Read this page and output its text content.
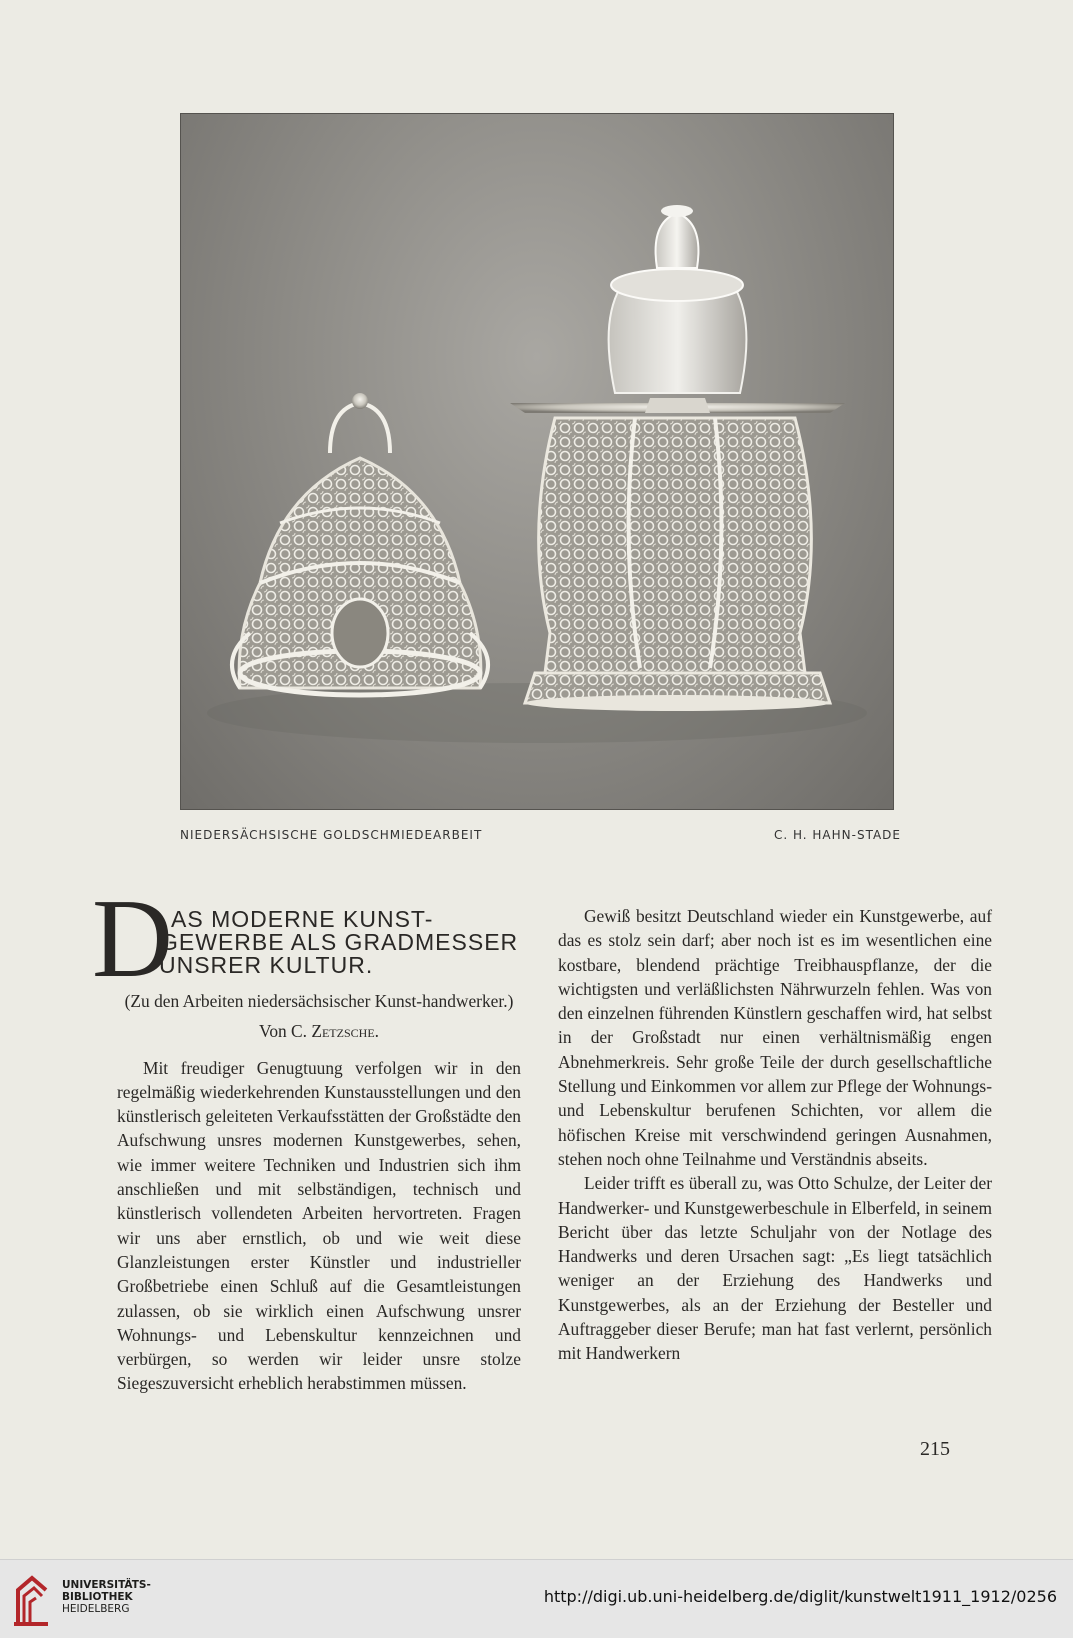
NIEDERSÄCHSISCHE GOLDSCHMIEDEARBEIT	C. H. HAHN-STADE
D
AS MODERNE KUNST-
GEWERBE ALS GRADMESSER
UNSRER KULTUR.

(Zu den Arbeiten niedersächsischer Kunst-handwerker.)

Von C. Zetzsche.

Mit freudiger Genugtuung verfolgen wir in den regelmäßig wiederkehrenden Kunstausstellungen und den künstlerisch geleiteten Verkaufsstätten der Großstädte den Aufschwung unsres modernen Kunstgewerbes, sehen, wie immer weitere Techniken und Industrien sich ihm anschließen und mit selbständigen, technisch und künstlerisch vollendeten Arbeiten hervortreten. Fragen wir uns aber ernstlich, ob und wie weit diese Glanzleistungen erster Künstler und industrieller Großbetriebe einen Schluß auf die Gesamtleistungen zulassen, ob sie wirklich einen Aufschwung unsrer Wohnungs- und Lebenskultur kennzeichnen und verbürgen, so werden wir leider unsre stolze Siegeszuversicht erheblich herabstimmen müssen.

Gewiß besitzt Deutschland wieder ein Kunstgewerbe, auf das es stolz sein darf; aber noch ist es im wesentlichen eine kostbare, blendend prächtige Treibhauspflanze, der die wichtigsten und verläßlichsten Nährwurzeln fehlen. Was von den einzelnen führenden Künstlern geschaffen wird, hat selbst in der Großstadt nur einen verhältnismäßig engen Abnehmerkreis. Sehr große Teile der durch gesellschaftliche Stellung und Einkommen vor allem zur Pflege der Wohnungs- und Lebenskultur berufenen Schichten, vor allem die höfischen Kreise mit verschwindend geringen Ausnahmen, stehen noch ohne Teilnahme und Verständnis abseits.

Leider trifft es überall zu, was Otto Schulze, der Leiter der Handwerker- und Kunstgewerbeschule in Elberfeld, in seinem Bericht über das letzte Schuljahr von der Notlage des Handwerks und deren Ursachen sagt: „Es liegt tatsächlich weniger an der Erziehung des Handwerks und Kunstgewerbes, als an der Erziehung der Besteller und Auftraggeber dieser Berufe; man hat fast verlernt, persönlich mit Handwerkern

215
UNIVERSITÄTS-
BIBLIOTHEK
HEIDELBERG
http://digi.ub.uni-heidelberg.de/diglit/kunstwelt1911_1912/0256
